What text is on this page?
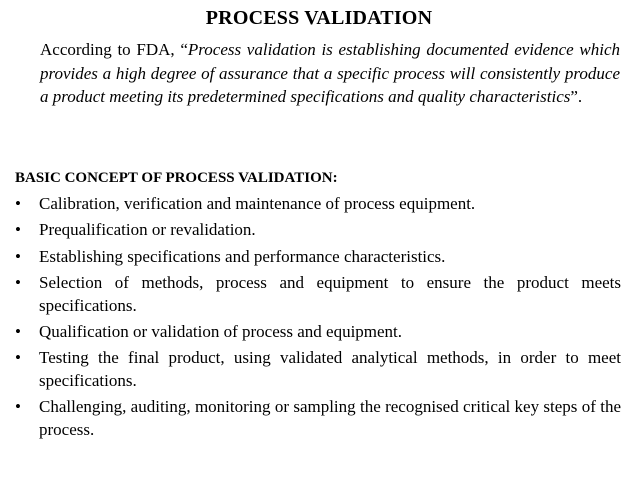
PROCESS VALIDATION

According to FDA, “Process validation is establishing documented evidence which provides a high degree of assurance that a specific process will consistently produce a product meeting its predetermined specifications and quality characteristics”.

BASIC CONCEPT OF PROCESS VALIDATION:
•	Calibration, verification and maintenance of process equipment.
•	Prequalification or revalidation.
•	Establishing specifications and performance characteristics.
•	Selection of methods, process and equipment to ensure the product meets specifications.
•	Qualification or validation of process and equipment.
•	Testing the final product, using validated analytical methods, in order to meet specifications.
•	Challenging, auditing, monitoring or sampling the recognised critical key steps of the process.
